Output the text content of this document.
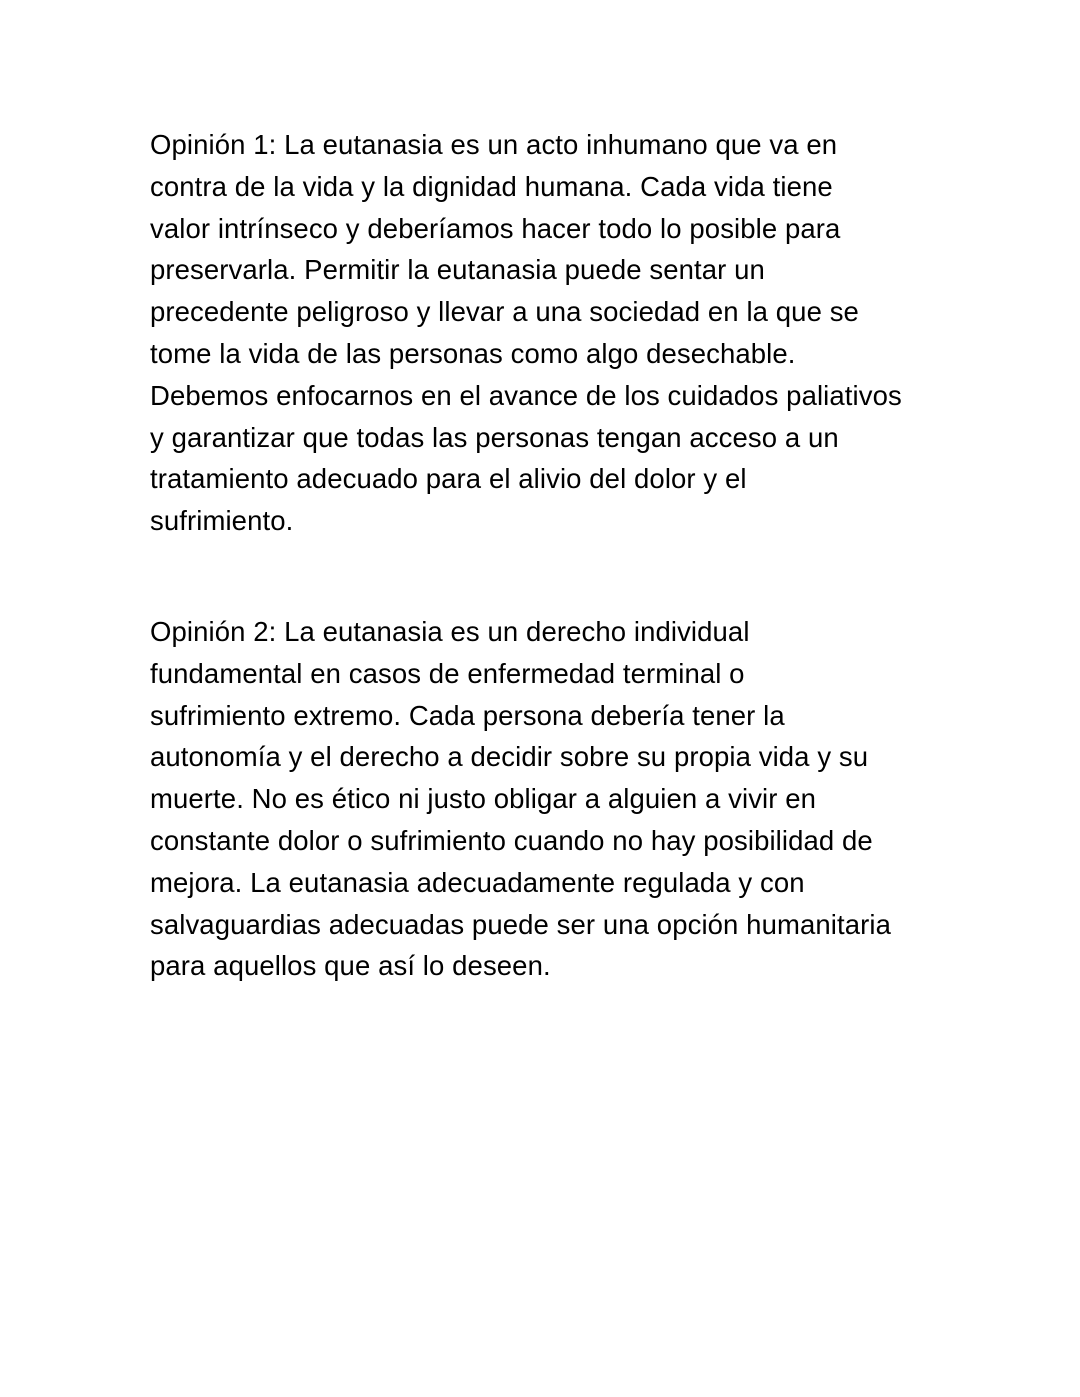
Opinión 1: La eutanasia es un acto inhumano que va en
contra de la vida y la dignidad humana. Cada vida tiene
valor intrínseco y deberíamos hacer todo lo posible para
preservarla. Permitir la eutanasia puede sentar un
precedente peligroso y llevar a una sociedad en la que se
tome la vida de las personas como algo desechable.
Debemos enfocarnos en el avance de los cuidados paliativos
y garantizar que todas las personas tengan acceso a un
tratamiento adecuado para el alivio del dolor y el
sufrimiento.

Opinión 2: La eutanasia es un derecho individual
fundamental en casos de enfermedad terminal o
sufrimiento extremo. Cada persona debería tener la
autonomía y el derecho a decidir sobre su propia vida y su
muerte. No es ético ni justo obligar a alguien a vivir en
constante dolor o sufrimiento cuando no hay posibilidad de
mejora. La eutanasia adecuadamente regulada y con
salvaguardias adecuadas puede ser una opción humanitaria
para aquellos que así lo deseen.
